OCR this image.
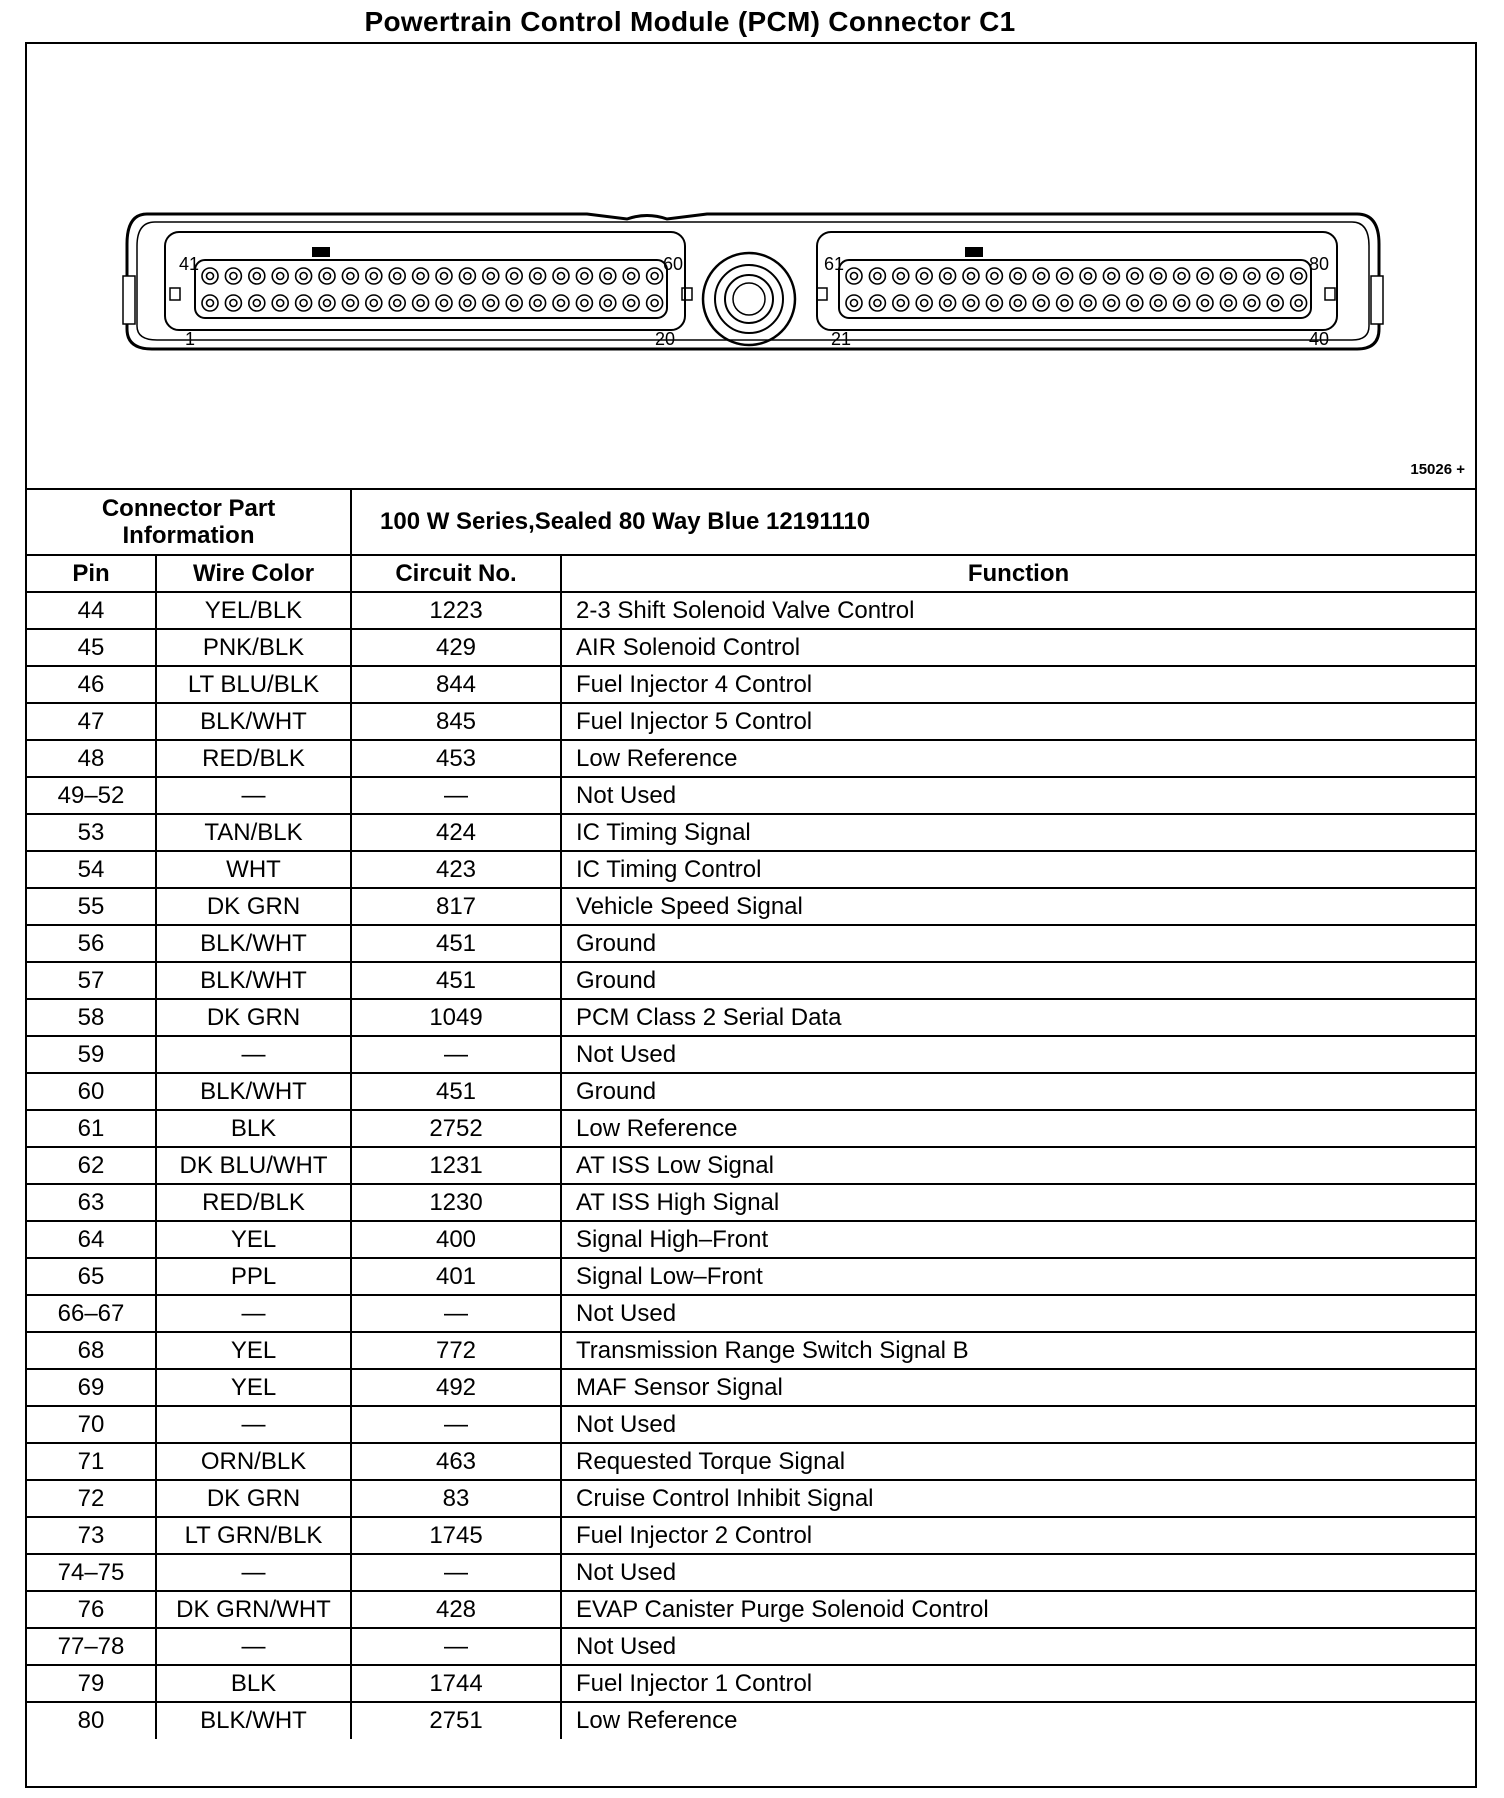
Powertrain Control Module (PCM) Connector C1
41	60
1	20
61	80
21	40
15026 +
Connector Part
Information		100 W Series,Sealed 80 Way Blue 12191110	
Pin	Wire Color	Circuit No.	Function
44	YEL/BLK	1223	2-3 Shift Solenoid Valve Control
45	PNK/BLK	429	AIR Solenoid Control
46	LT BLU/BLK	844	Fuel Injector 4 Control
47	BLK/WHT	845	Fuel Injector 5 Control
48	RED/BLK	453	Low Reference
49–52	—	—	Not Used
53	TAN/BLK	424	IC Timing Signal
54	WHT	423	IC Timing Control
55	DK GRN	817	Vehicle Speed Signal
56	BLK/WHT	451	Ground
57	BLK/WHT	451	Ground
58	DK GRN	1049	PCM Class 2 Serial Data
59	—	—	Not Used
60	BLK/WHT	451	Ground
61	BLK	2752	Low Reference
62	DK BLU/WHT	1231	AT ISS Low Signal
63	RED/BLK	1230	AT ISS High Signal
64	YEL	400	Signal High–Front
65	PPL	401	Signal Low–Front
66–67	—	—	Not Used
68	YEL	772	Transmission Range Switch Signal B
69	YEL	492	MAF Sensor Signal
70	—	—	Not Used
71	ORN/BLK	463	Requested Torque Signal
72	DK GRN	83	Cruise Control Inhibit Signal
73	LT GRN/BLK	1745	Fuel Injector 2 Control
74–75	—	—	Not Used
76	DK GRN/WHT	428	EVAP Canister Purge Solenoid Control
77–78	—	—	Not Used
79	BLK	1744	Fuel Injector 1 Control
80	BLK/WHT	2751	Low Reference
